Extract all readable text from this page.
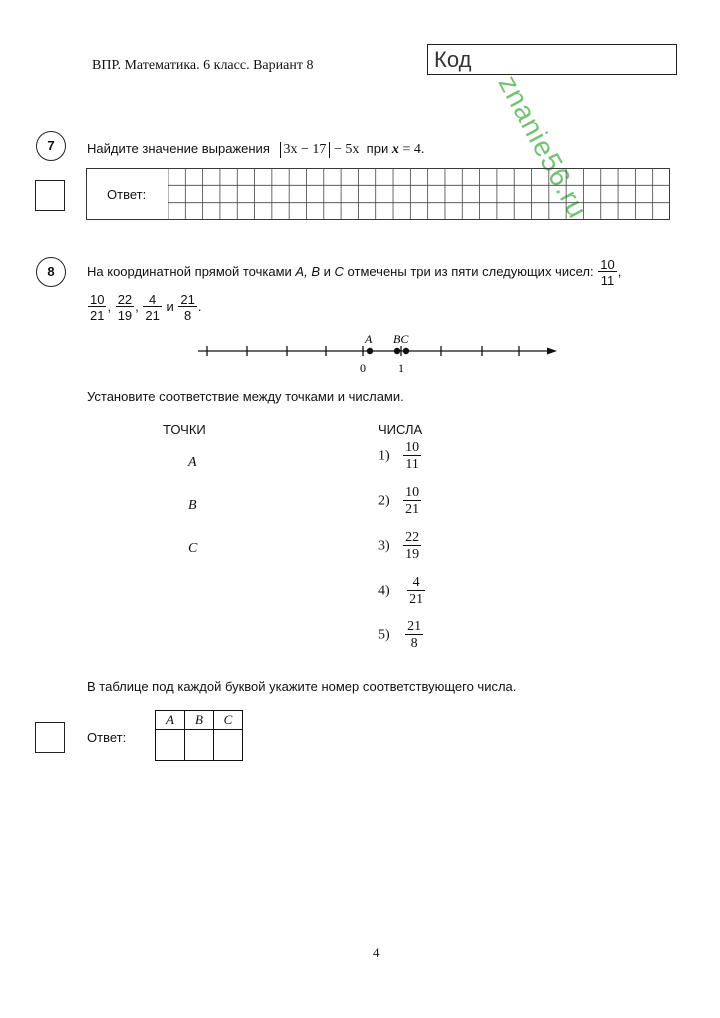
ВПР. Математика. 6 класс. Вариант 8	Код
znanie56.ru
7	Найдите значение выражения 3x − 17 − 5x при x = 4.
Ответ:
8	На координатной прямой точками A, B и C отмечены три из пяти следующих чисел: $\frac{10}{11}$ ,
$\frac{10}{21}$ , $\frac{22}{19}$ , $\frac{4}{21}$ и $\frac{21}{8}$ .
A BC
0	1
Установите соответствие между точками и числами.
ТОЧКИ	ЧИСЛА
A
B
C
$1) \frac{10}{11}$
$2) \frac{10}{21}$
$3) \frac{22}{19}$
$4) \frac{4}{21}$
$5) \frac{21}{8}$
В таблице под каждой буквой укажите номер соответствующего числа.
Ответ:
A	B	C

4
